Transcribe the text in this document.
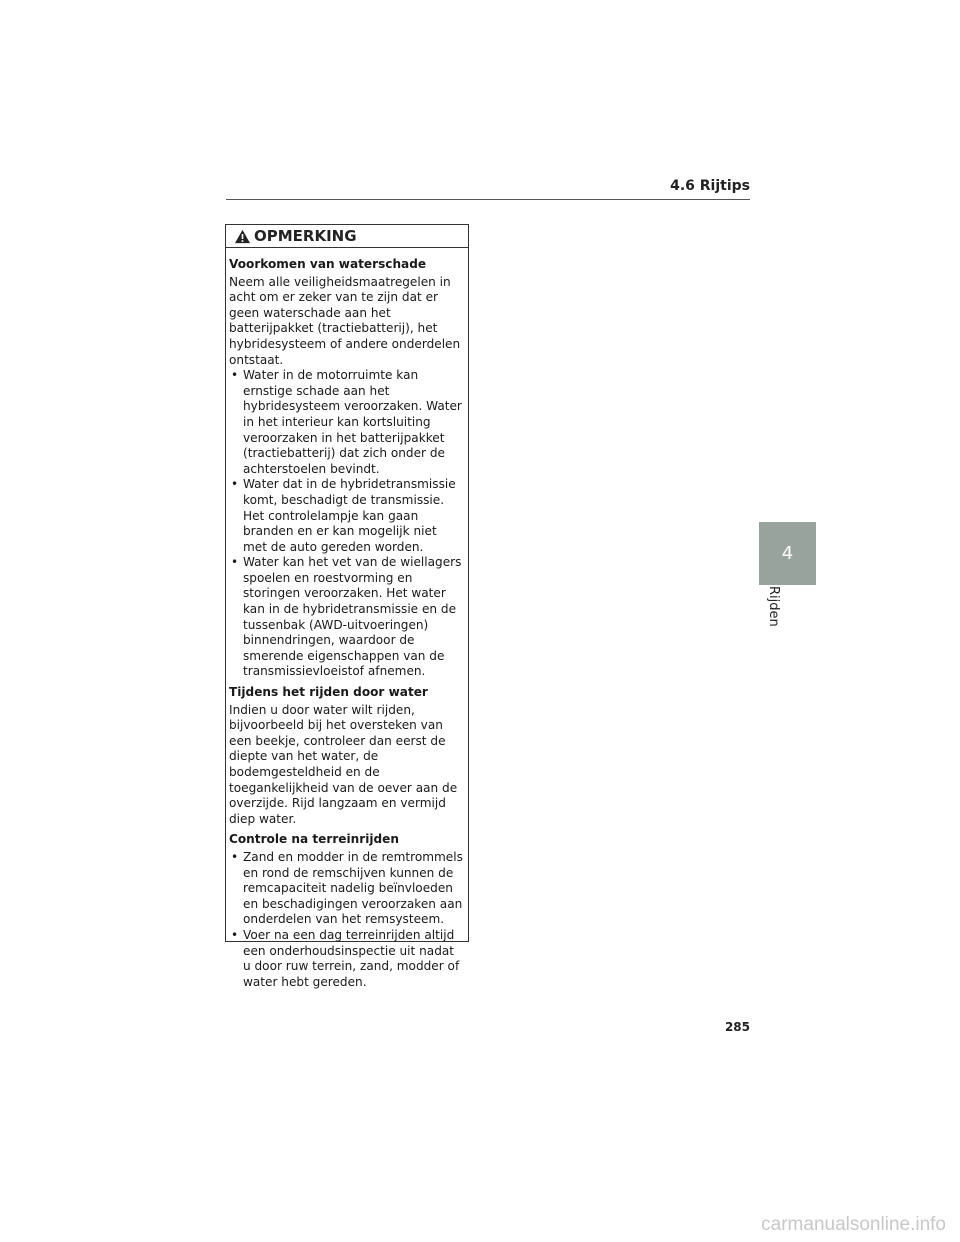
4.6 Rijtips
OPMERKING
Voorkomen van waterschade

Neem alle veiligheidsmaatregelen in acht om er zeker van te zijn dat er geen waterschade aan het batterijpakket (tractiebatterij), het hybridesysteem of andere onderdelen ontstaat.

• Water in de motorruimte kan ernstige schade aan het hybridesysteem veroorzaken. Water in het interieur kan kortsluiting veroorzaken in het batterijpakket (tractiebatterij) dat zich onder de achterstoelen bevindt.
• Water dat in de hybridetransmissie komt, beschadigt de transmissie. Het controlelampje kan gaan branden en er kan mogelijk niet met de auto gereden worden.
• Water kan het vet van de wiellagers spoelen en roestvorming en storingen veroorzaken. Het water kan in de hybridetransmissie en de tussenbak (AWD-uitvoeringen) binnendringen, waardoor de smerende eigenschappen van de transmissievloeistof afnemen.
Tijdens het rijden door water

Indien u door water wilt rijden, bijvoorbeeld bij het oversteken van een beekje, controleer dan eerst de diepte van het water, de bodemgesteldheid en de toegankelijkheid van de oever aan de overzijde. Rijd langzaam en vermijd diep water.

Controle na terreinrijden
• Zand en modder in de remtrommels en rond de remschijven kunnen de remcapaciteit nadelig beïnvloeden en beschadigingen veroorzaken aan onderdelen van het remsysteem.
• Voer na een dag terreinrijden altijd een onderhoudsinspectie uit nadat u door ruw terrein, zand, modder of water hebt gereden.
4
Rijden
285
carmanualsonline.info
